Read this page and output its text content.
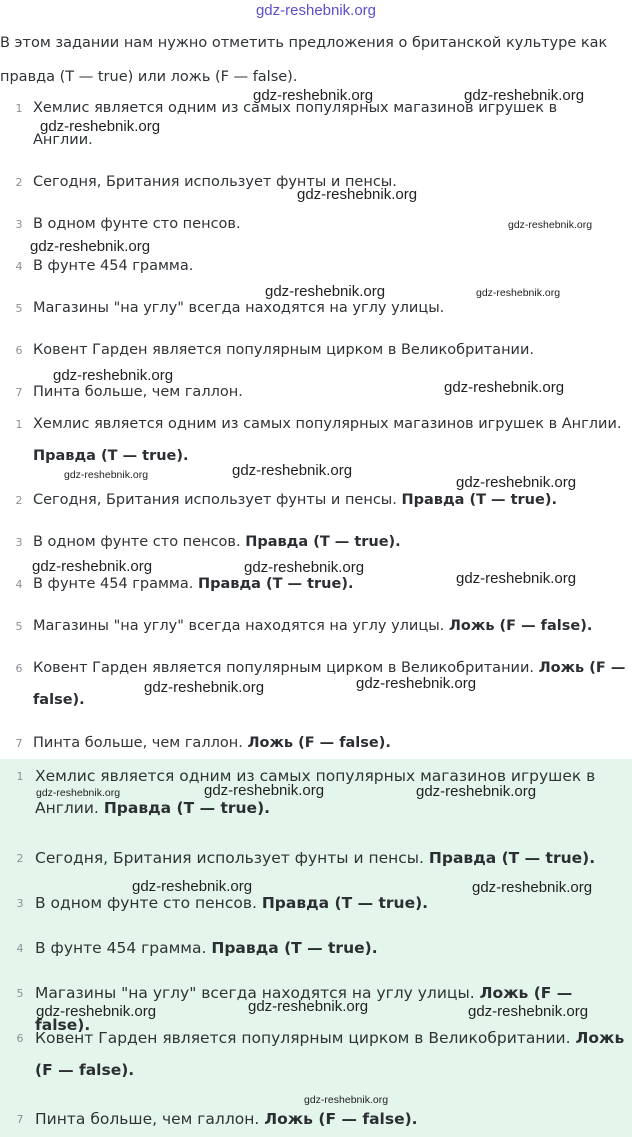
gdz-reshebnik.org
В этом задании нам нужно отметить предложения о британской культуре как правда (T — true) или ложь (F — false).
1 Хемлис является одним из самых популярных магазинов игрушек в Англии.
2 Сегодня, Британия использует фунты и пенсы.
3 В одном фунте сто пенсов.
4 В фунте 454 грамма.
5 Магазины "на углу" всегда находятся на углу улицы.
6 Ковент Гарден является популярным цирком в Великобритании.
7 Пинта больше, чем галлон.
1 Хемлис является одним из самых популярных магазинов игрушек в Англии. Правда (T — true).
2 Сегодня, Британия использует фунты и пенсы. Правда (T — true).
3 В одном фунте сто пенсов. Правда (T — true).
4 В фунте 454 грамма. Правда (T — true).
5 Магазины "на углу" всегда находятся на углу улицы. Ложь (F — false).
6 Ковент Гарден является популярным цирком в Великобритании. Ложь (F — false).
7 Пинта больше, чем галлон. Ложь (F — false).
1 Хемлис является одним из самых популярных магазинов игрушек в Англии. Правда (T — true).
2 Сегодня, Британия использует фунты и пенсы. Правда (T — true).
3 В одном фунте сто пенсов. Правда (T — true).
4 В фунте 454 грамма. Правда (T — true).
5 Магазины "на углу" всегда находятся на углу улицы. Ложь (F — false).
6 Ковент Гарден является популярным цирком в Великобритании. Ложь (F — false).
7 Пинта больше, чем галлон. Ложь (F — false).
gdz-reshebnik.org	gdz-reshebnik.org
gdz-reshebnik.org
gdz-reshebnik.org
gdz-reshebnik.org
gdz-reshebnik.org
gdz-reshebnik.org	gdz-reshebnik.org
gdz-reshebnik.org
gdz-reshebnik.org
gdz-reshebnik.org	gdz-reshebnik.org
gdz-reshebnik.org
gdz-reshebnik.org	gdz-reshebnik.org
gdz-reshebnik.org
gdz-reshebnik.org	gdz-reshebnik.org
gdz-reshebnik.org	gdz-reshebnik.org	gdz-reshebnik.org
gdz-reshebnik.org	gdz-reshebnik.org
gdz-reshebnik.org	gdz-reshebnik.org	gdz-reshebnik.org
gdz-reshebnik.org
